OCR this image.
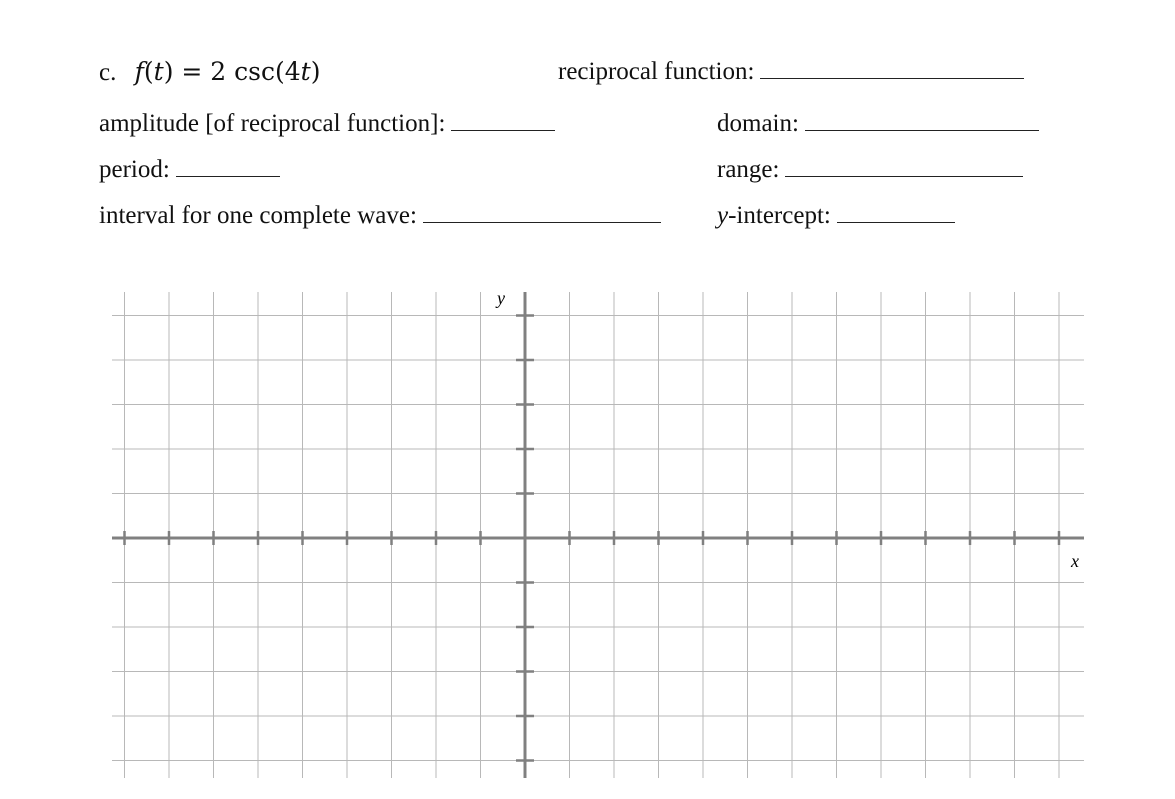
c. f(t) = 2 csc(4t)	reciprocal function:
amplitude [of reciprocal function]:	domain:
period:	range:
interval for one complete wave:	y-intercept:
x
y
